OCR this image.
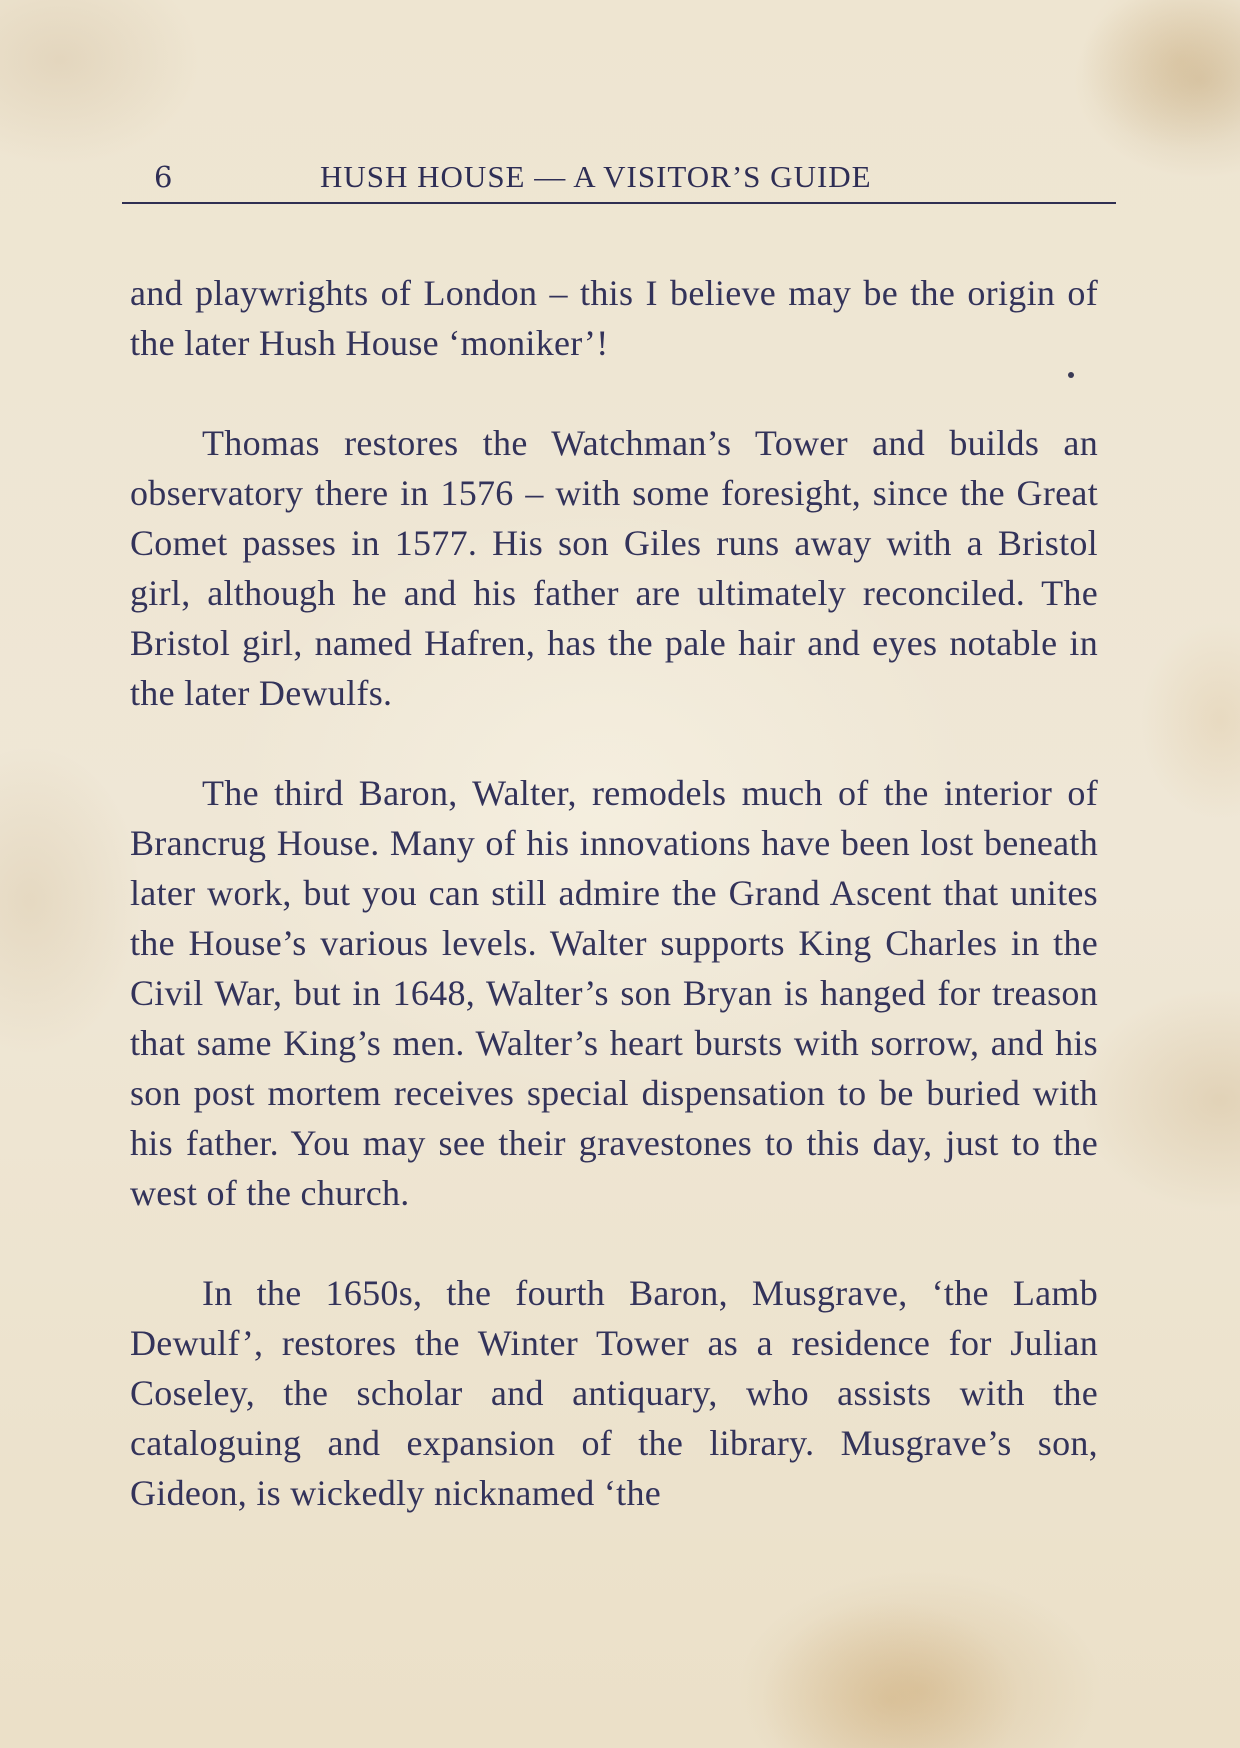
6	HUSH HOUSE — A VISITOR’S GUIDE

and playwrights of London – this I believe may be the origin of the later Hush House ‘moniker’!

Thomas restores the Watchman’s Tower and builds an observatory there in 1576 – with some foresight, since the Great Comet passes in 1577. His son Giles runs away with a Bristol girl, although he and his father are ultimately reconciled. The Bristol girl, named Hafren, has the pale hair and eyes notable in the later Dewulfs.

The third Baron, Walter, remodels much of the interior of Brancrug House. Many of his innovations have been lost beneath later work, but you can still admire the Grand Ascent that unites the House’s various levels. Walter supports King Charles in the Civil War, but in 1648, Walter’s son Bryan is hanged for treason that same King’s men. Walter’s heart bursts with sorrow, and his son post mortem receives special dispensation to be buried with his father. You may see their gravestones to this day, just to the west of the church.

In the 1650s, the fourth Baron, Musgrave, ‘the Lamb Dewulf’, restores the Winter Tower as a residence for Julian Coseley, the scholar and antiquary, who assists with the cataloguing and expansion of the library. Musgrave’s son, Gideon, is wickedly nicknamed ‘the
